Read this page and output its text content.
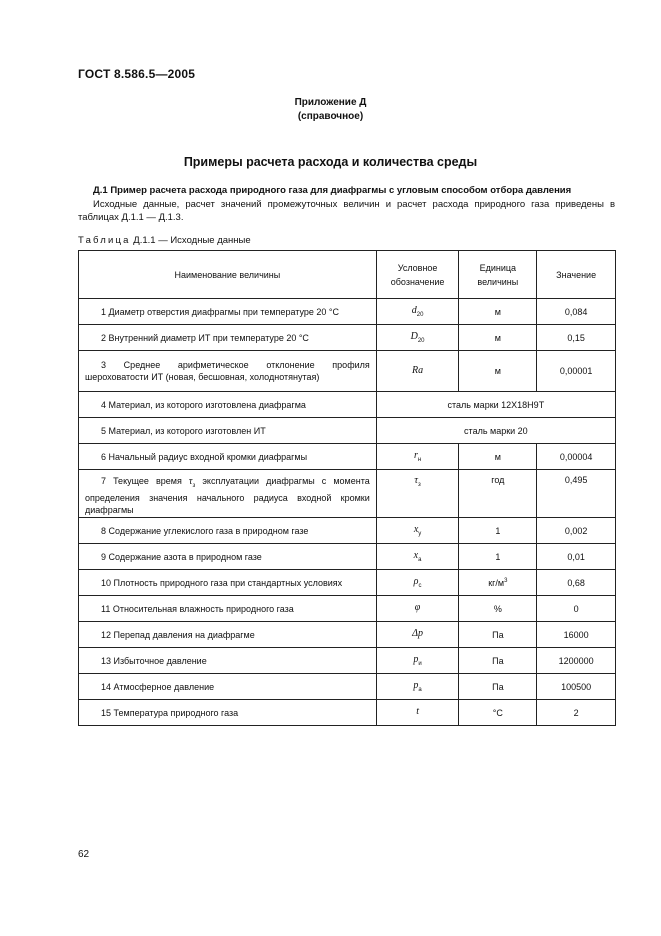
ГОСТ 8.586.5—2005
Приложение Д
(справочное)
Примеры расчета расхода и количества среды
Д.1 Пример расчета расхода природного газа для диафрагмы с угловым способом отбора давления
Исходные данные, расчет значений промежуточных величин и расчет расхода природного газа приведены в таблицах Д.1.1 — Д.1.3.
Таблица Д.1.1 — Исходные данные
Наименование величины	Условное обозначение	Единица величины	Значение
1 Диаметр отверстия диафрагмы при температуре 20 °С	$d_{20}$	м	0,084
2 Внутренний диаметр ИТ при температуре 20 °С	$D_{20}$	м	0,15
3 Среднее арифметическое отклонение профиля шероховатости ИТ (новая, бесшовная, холоднотянутая)	Ra	м	0,00001
4 Материал, из которого изготовлена диафрагма	сталь марки 12Х18Н9Т		
5 Материал, из которого изготовлен ИТ	сталь марки 20		
6 Начальный радиус входной кромки диафрагмы	$r_н$	м	0,00004
7 Текущее время $\tau_з$ эксплуатации диафрагмы с момента определения значения начального радиуса входной кромки диафрагмы	$\tau_з$	год	0,495
8 Содержание углекислого газа в природном газе	$x_у$	1	0,002
9 Содержание азота в природном газе	$x_а$	1	0,01
10 Плотность природного газа при стандартных условиях	$\rho_с$	$кг/м^3$	0,68
11 Относительная влажность природного газа	φ	%	0
12 Перепад давления на диафрагме	Δp	Па	16000
13 Избыточное давление	$p_и$	Па	1200000
14 Атмосферное давление	$p_а$	Па	100500
15 Температура природного газа	t	°С	2
62
